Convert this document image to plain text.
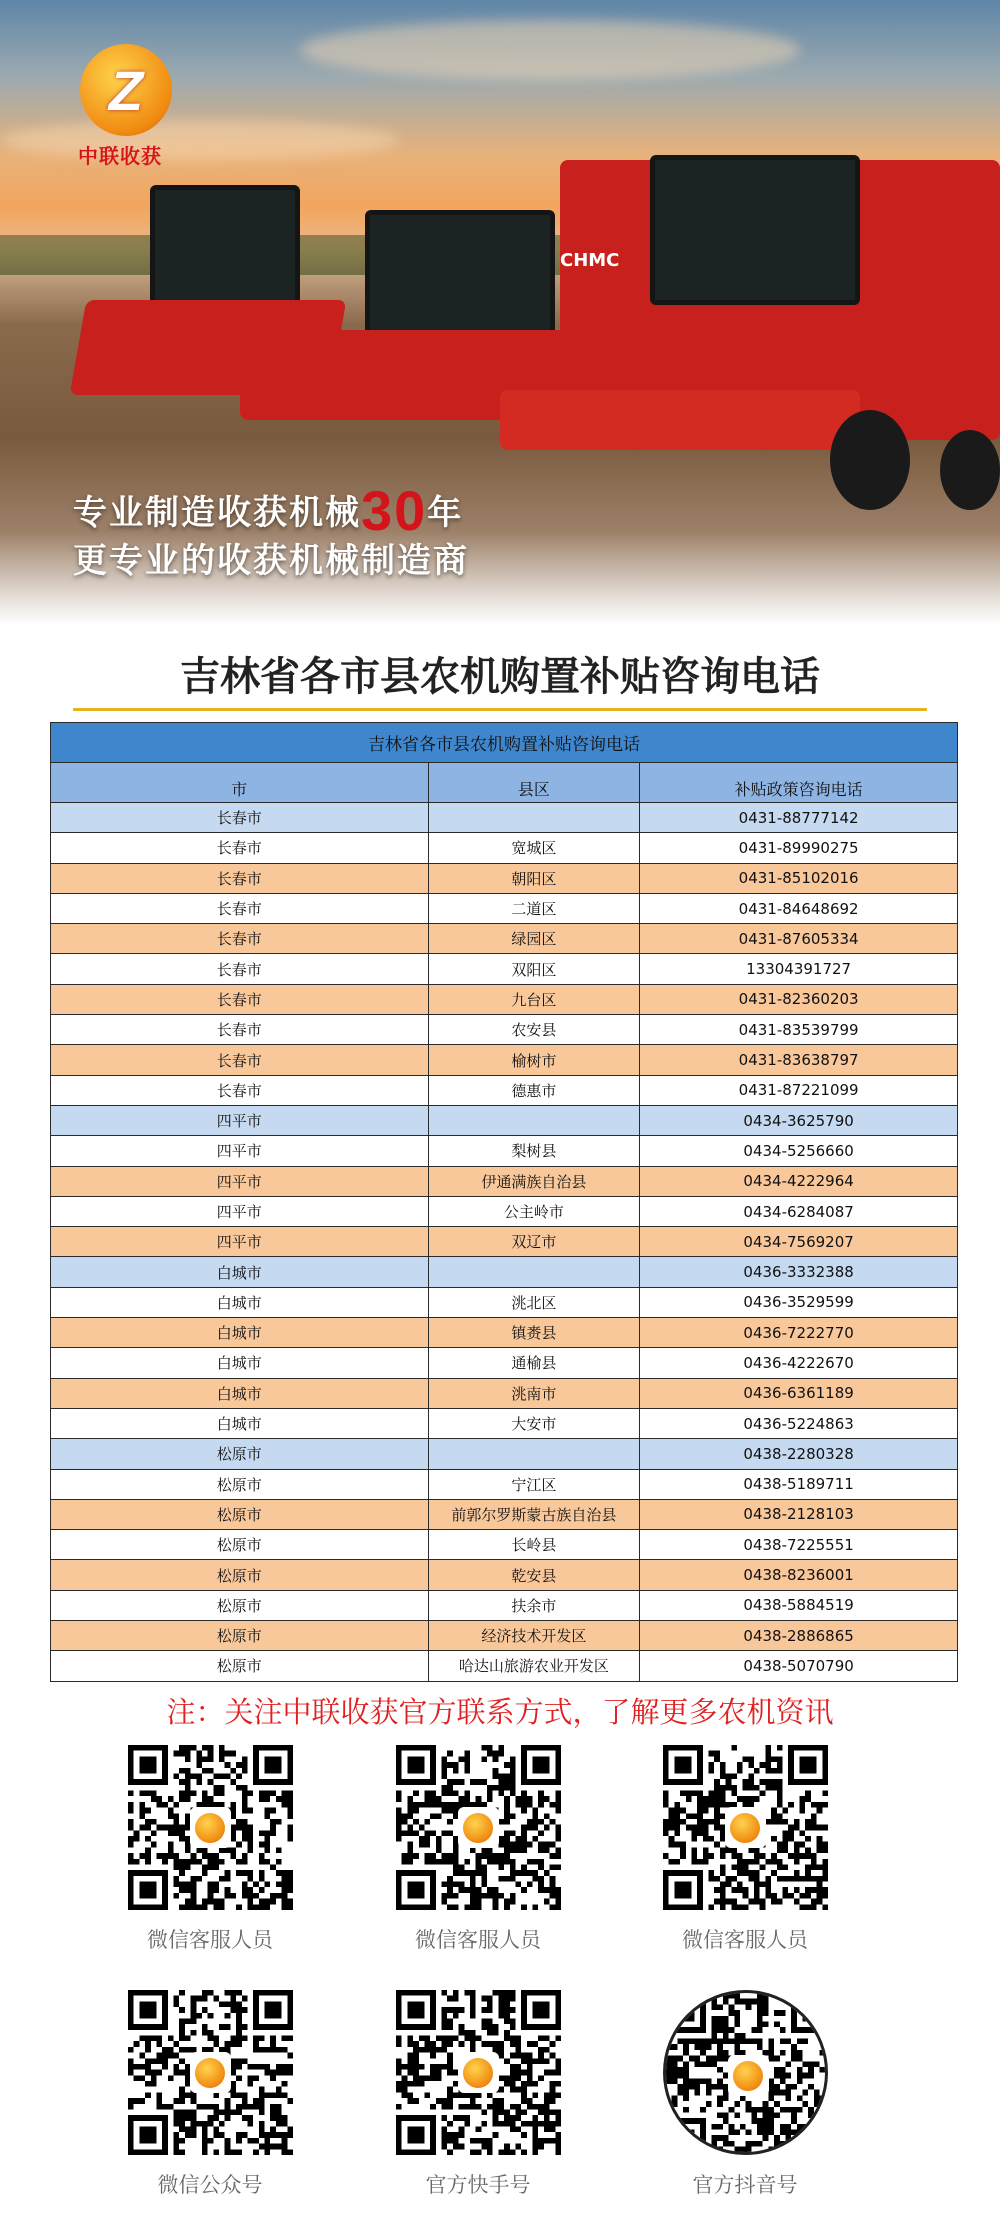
CHMC
Z
中联收获
专业制造收获机械30年
更专业的收获机械制造商
吉林省各市县农机购置补贴咨询电话
吉林省各市县农机购置补贴咨询电话		
市	县区	补贴政策咨询电话
长春市		0431-88777142
长春市	宽城区	0431-89990275
长春市	朝阳区	0431-85102016
长春市	二道区	0431-84648692
长春市	绿园区	0431-87605334
长春市	双阳区	13304391727
长春市	九台区	0431-82360203
长春市	农安县	0431-83539799
长春市	榆树市	0431-83638797
长春市	德惠市	0431-87221099
四平市		0434-3625790
四平市	梨树县	0434-5256660
四平市	伊通满族自治县	0434-4222964
四平市	公主岭市	0434-6284087
四平市	双辽市	0434-7569207
白城市		0436-3332388
白城市	洮北区	0436-3529599
白城市	镇赉县	0436-7222770
白城市	通榆县	0436-4222670
白城市	洮南市	0436-6361189
白城市	大安市	0436-5224863
松原市		0438-2280328
松原市	宁江区	0438-5189711
松原市	前郭尔罗斯蒙古族自治县	0438-2128103
松原市	长岭县	0438-7225551
松原市	乾安县	0438-8236001
松原市	扶余市	0438-5884519
松原市	经济技术开发区	0438-2886865
松原市	哈达山旅游农业开发区	0438-5070790
注：关注中联收获官方联系方式，了解更多农机资讯
微信客服人员	微信客服人员	微信客服人员
微信公众号	官方快手号	官方抖音号
